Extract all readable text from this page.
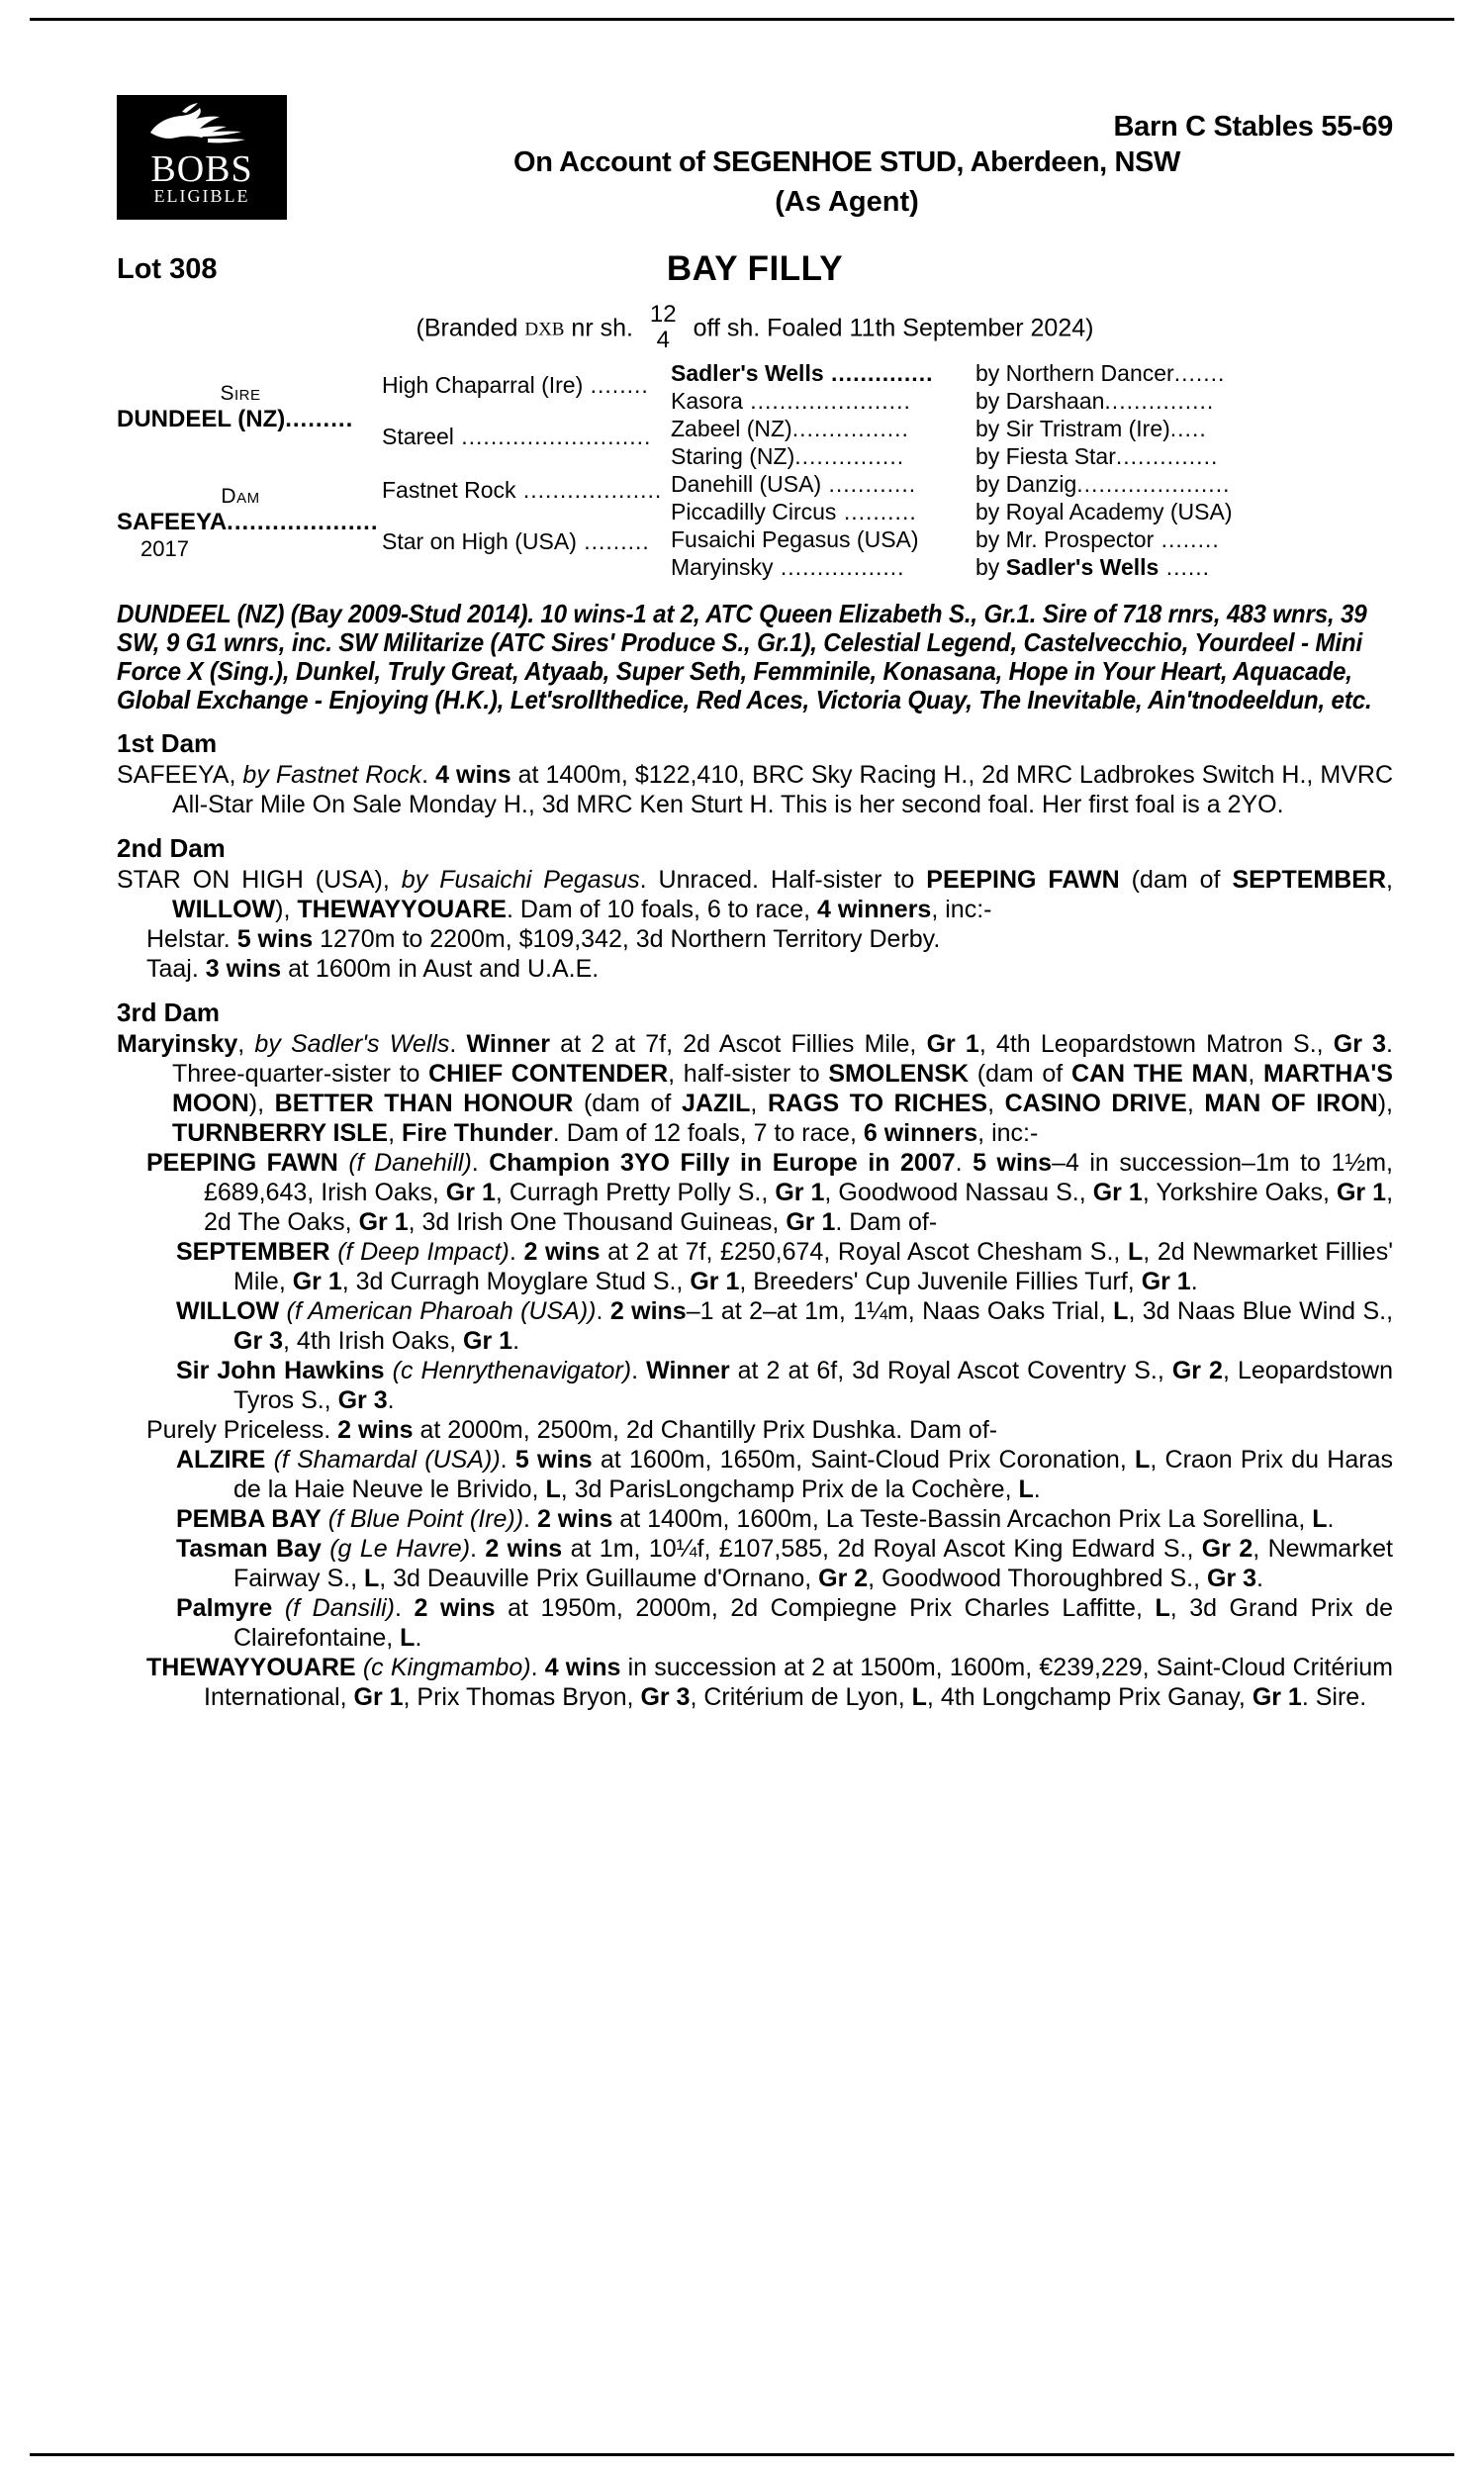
BOBS
ELIGIBLE
Barn C Stables 55-69
On Account of SEGENHOE STUD, Aberdeen, NSW
(As Agent)
Lot 308	BAY FILLY
(Branded DXB nr sh.
12
4 off sh. Foaled 11th September 2024)
Sire
DUNDEEL (NZ).........
Dam
SAFEEYA....................
2017
High Chaparral (Ire) ........
Stareel ..........................
Fastnet Rock ...................
Star on High (USA) .........
Sadler's Wells ..............
Kasora ......................
Zabeel (NZ)................
Staring (NZ)...............
Danehill (USA) ............
Piccadilly Circus ..........
Fusaichi Pegasus (USA)
Maryinsky .................
by Northern Dancer.......
by Darshaan...............
by Sir Tristram (Ire).....
by Fiesta Star..............
by Danzig.....................
by Royal Academy (USA)
by Mr. Prospector ........
by Sadler's Wells ......
DUNDEEL (NZ) (Bay 2009-Stud 2014). 10 wins-1 at 2, ATC Queen Elizabeth S., Gr.1. Sire of 718 rnrs, 483 wnrs, 39 SW, 9 G1 wnrs, inc. SW Militarize (ATC Sires' Produce S., Gr.1), Celestial Legend, Castelvecchio, Yourdeel - Mini Force X (Sing.), Dunkel, Truly Great, Atyaab, Super Seth, Femminile, Konasana, Hope in Your Heart, Aquacade, Global Exchange - Enjoying (H.K.), Let'srollthedice, Red Aces, Victoria Quay, The Inevitable, Ain'tnodeeldun, etc.
1st Dam
SAFEEYA, by Fastnet Rock. 4 wins at 1400m, $122,410, BRC Sky Racing H., 2d MRC Ladbrokes Switch H., MVRC All-Star Mile On Sale Monday H., 3d MRC Ken Sturt H. This is her second foal. Her first foal is a 2YO.
2nd Dam
STAR ON HIGH (USA), by Fusaichi Pegasus. Unraced. Half-sister to PEEPING FAWN (dam of SEPTEMBER, WILLOW), THEWAYYOUARE. Dam of 10 foals, 6 to race, 4 winners, inc:-
Helstar. 5 wins 1270m to 2200m, $109,342, 3d Northern Territory Derby.
Taaj. 3 wins at 1600m in Aust and U.A.E.
3rd Dam
Maryinsky, by Sadler's Wells. Winner at 2 at 7f, 2d Ascot Fillies Mile, Gr 1, 4th Leopardstown Matron S., Gr 3. Three-quarter-sister to CHIEF CONTENDER, half-sister to SMOLENSK (dam of CAN THE MAN, MARTHA'S MOON), BETTER THAN HONOUR (dam of JAZIL, RAGS TO RICHES, CASINO DRIVE, MAN OF IRON), TURNBERRY ISLE, Fire Thunder. Dam of 12 foals, 7 to race, 6 winners, inc:-
PEEPING FAWN (f Danehill). Champion 3YO Filly in Europe in 2007. 5 wins–4 in succession–1m to 1½m, £689,643, Irish Oaks, Gr 1, Curragh Pretty Polly S., Gr 1, Goodwood Nassau S., Gr 1, Yorkshire Oaks, Gr 1, 2d The Oaks, Gr 1, 3d Irish One Thousand Guineas, Gr 1. Dam of-
SEPTEMBER (f Deep Impact). 2 wins at 2 at 7f, £250,674, Royal Ascot Chesham S., L, 2d Newmarket Fillies' Mile, Gr 1, 3d Curragh Moyglare Stud S., Gr 1, Breeders' Cup Juvenile Fillies Turf, Gr 1.
WILLOW (f American Pharoah (USA)). 2 wins–1 at 2–at 1m, 1¼m, Naas Oaks Trial, L, 3d Naas Blue Wind S., Gr 3, 4th Irish Oaks, Gr 1.
Sir John Hawkins (c Henrythenavigator). Winner at 2 at 6f, 3d Royal Ascot Coventry S., Gr 2, Leopardstown Tyros S., Gr 3.
Purely Priceless. 2 wins at 2000m, 2500m, 2d Chantilly Prix Dushka. Dam of-
ALZIRE (f Shamardal (USA)). 5 wins at 1600m, 1650m, Saint-Cloud Prix Coronation, L, Craon Prix du Haras de la Haie Neuve le Brivido, L, 3d ParisLongchamp Prix de la Cochère, L.
PEMBA BAY (f Blue Point (Ire)). 2 wins at 1400m, 1600m, La Teste-Bassin Arcachon Prix La Sorellina, L.
Tasman Bay (g Le Havre). 2 wins at 1m, 10¼f, £107,585, 2d Royal Ascot King Edward S., Gr 2, Newmarket Fairway S., L, 3d Deauville Prix Guillaume d'Ornano, Gr 2, Goodwood Thoroughbred S., Gr 3.
Palmyre (f Dansili). 2 wins at 1950m, 2000m, 2d Compiegne Prix Charles Laffitte, L, 3d Grand Prix de Clairefontaine, L.
THEWAYYOUARE (c Kingmambo). 4 wins in succession at 2 at 1500m, 1600m, €239,229, Saint-Cloud Critérium International, Gr 1, Prix Thomas Bryon, Gr 3, Critérium de Lyon, L, 4th Longchamp Prix Ganay, Gr 1. Sire.
